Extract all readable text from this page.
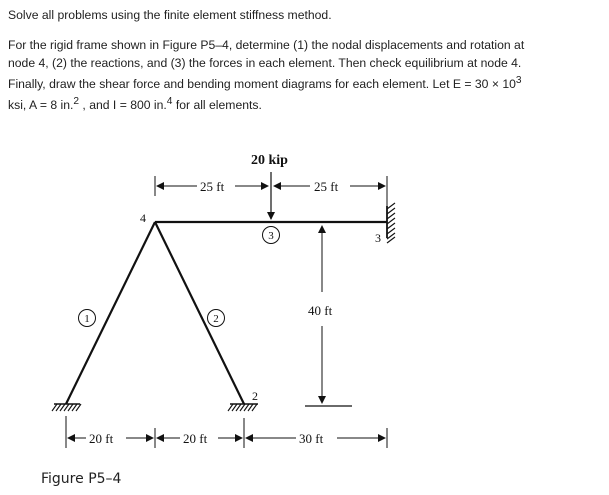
Solve all problems using the finite element stiffness method.

For the rigid frame shown in Figure P5–4, determine (1) the nodal displacements and rotation at

node 4, (2) the reactions, and (3) the forces in each element. Then check equilibrium at node 4.

Finally, draw the shear force and bending moment diagrams for each element. Let $E = 30 \times 10^3$

ksi, A = 8 in.$^2$ , and I = 800 in.$^4$ for all elements.

20 kip
25 ft	25 ft
40 ft
20 ft	20 ft	30 ft
4
2
3
1	2
3
Figure P5–4
